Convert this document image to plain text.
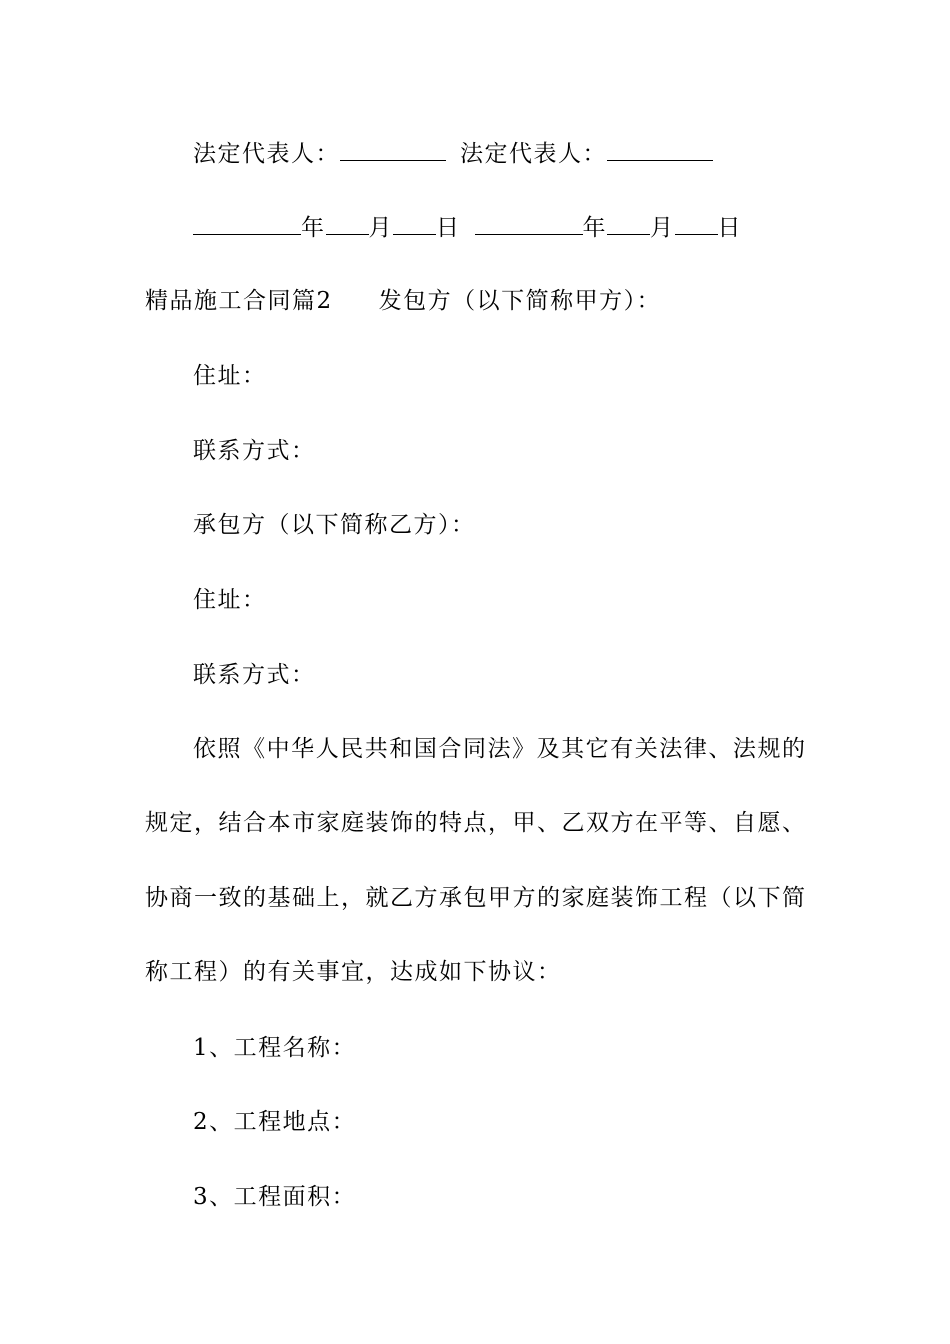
法定代表人：	法定代表人：
年 月 日	年 月 日
精品施工合同篇2 发包方（以下简称甲方）：
住址：
联系方式：
承包方（以下简称乙方）：
住址：
联系方式：
依照《中华人民共和国合同法》及其它有关法律、法规的
规定，结合本市家庭装饰的特点，甲、乙双方在平等、自愿、
协商一致的基础上，就乙方承包甲方的家庭装饰工程（以下简
称工程）的有关事宜，达成如下协议：
1、工程名称：
2、工程地点：
3、工程面积：
